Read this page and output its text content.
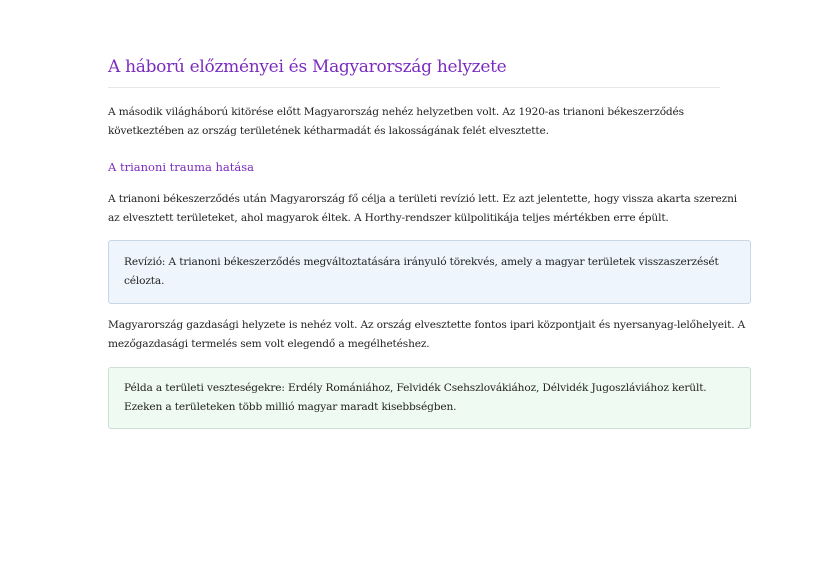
A háború előzményei és Magyarország helyzete

A második világháború kitörése előtt Magyarország nehéz helyzetben volt. Az 1920-as trianoni békeszerződés következtében az ország területének kétharmadát és lakosságának felét elvesztette.

A trianoni trauma hatása

A trianoni békeszerződés után Magyarország fő célja a területi revízió lett. Ez azt jelentette, hogy vissza akarta szerezni az elvesztett területeket, ahol magyarok éltek. A Horthy-rendszer külpolitikája teljes mértékben erre épült.

Revízió: A trianoni békeszerződés megváltoztatására irányuló törekvés, amely a magyar területek visszaszerzését célozta.

Magyarország gazdasági helyzete is nehéz volt. Az ország elvesztette fontos ipari központjait és nyersanyag-lelőhelyeit. A mezőgazdasági termelés sem volt elegendő a megélhetéshez.

Példa a területi veszteségekre: Erdély Romániához, Felvidék Csehszlovákiához, Délvidék Jugoszláviához került. Ezeken a területeken több millió magyar maradt kisebbségben.
